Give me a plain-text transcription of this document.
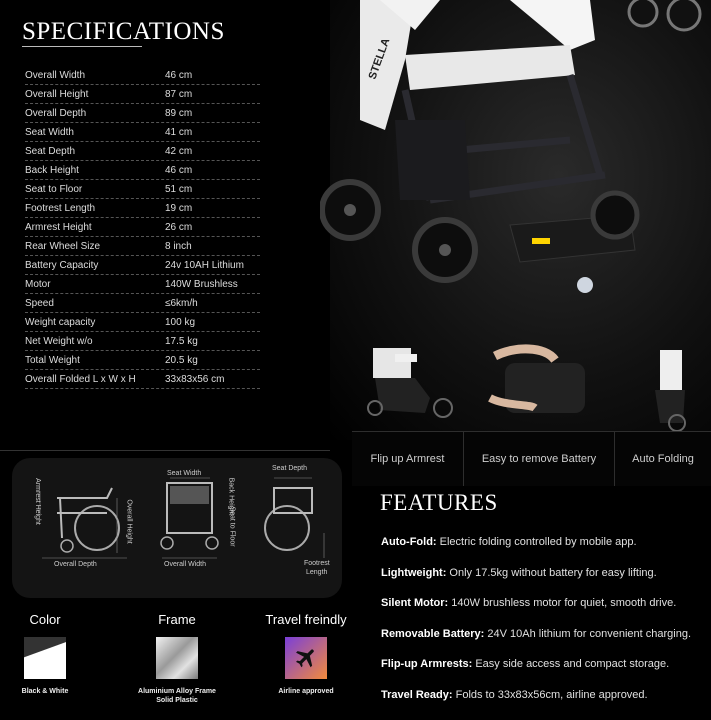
SPECIFICATIONS
Overall Width	46 cm
Overall Height	87 cm
Overall Depth	89 cm
Seat Width	41 cm
Seat Depth	42 cm
Back Height	46 cm
Seat to Floor	51 cm
Footrest Length	19 cm
Armrest Height	26 cm
Rear Wheel Size	8 inch
Battery Capacity	24v 10AH Lithium
Motor	140W Brushless
Speed	≤6km/h
Weight capacity	100 kg
Net Weight w/o	17.5 kg
Total Weight	20.5 kg
Overall Folded L x W x H	33x83x56 cm
STELLA
Flip up Armrest	Easy to remove Battery	Auto Folding
Armrest Height	Overall Height
Overall Depth
Seat Width
Back Height
Seat to Floor
Overall Width
Seat Depth
Footrest
Length
FEATURES
Auto-Fold: Electric folding controlled by mobile app.
Lightweight: Only 17.5kg without battery for easy lifting.
Silent Motor: 140W brushless motor for quiet, smooth drive.
Removable Battery: 24V 10Ah lithium for convenient charging.
Flip-up Armrests: Easy side access and compact storage.
Travel Ready: Folds to 33x83x56cm, airline approved.
Color
Black & White
Frame
Aluminium Alloy Frame
Solid Plastic
Travel freindly
Airline approved
